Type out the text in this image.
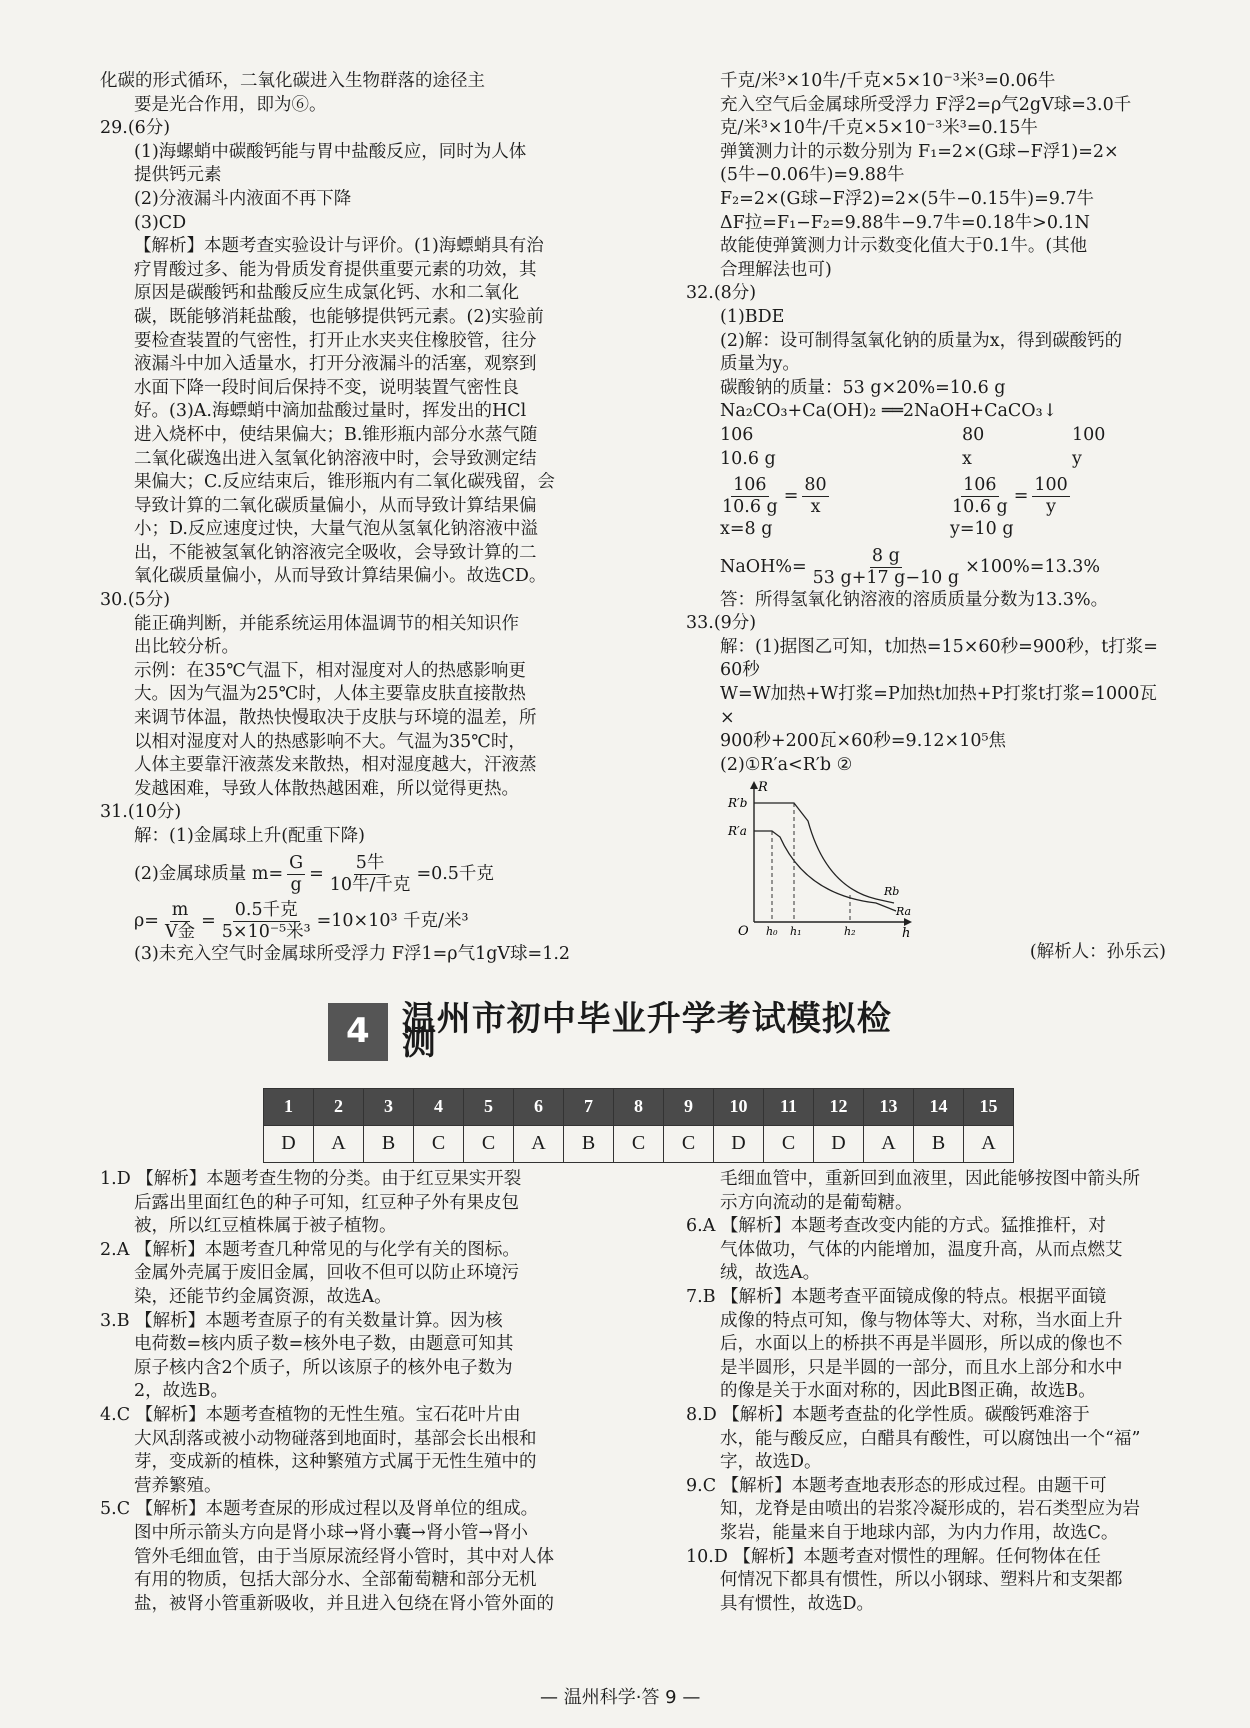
化碳的形式循环，二氧化碳进入生物群落的途径主

要是光合作用，即为⑥。

29.(6分)

(1)海螺蛸中碳酸钙能与胃中盐酸反应，同时为人体

提供钙元素

(2)分液漏斗内液面不再下降

(3)CD

【解析】本题考查实验设计与评价。(1)海螵蛸具有治

疗胃酸过多、能为骨质发育提供重要元素的功效，其

原因是碳酸钙和盐酸反应生成氯化钙、水和二氧化

碳，既能够消耗盐酸，也能够提供钙元素。(2)实验前

要检查装置的气密性，打开止水夹夹住橡胶管，往分

液漏斗中加入适量水，打开分液漏斗的活塞，观察到

水面下降一段时间后保持不变，说明装置气密性良

好。(3)A.海螵蛸中滴加盐酸过量时，挥发出的HCl

进入烧杯中，使结果偏大；B.锥形瓶内部分水蒸气随

二氧化碳逸出进入氢氧化钠溶液中时，会导致测定结

果偏大；C.反应结束后，锥形瓶内有二氧化碳残留，会

导致计算的二氧化碳质量偏小，从而导致计算结果偏

小；D.反应速度过快，大量气泡从氢氧化钠溶液中溢

出，不能被氢氧化钠溶液完全吸收，会导致计算的二

氧化碳质量偏小，从而导致计算结果偏小。故选CD。

30.(5分)

能正确判断，并能系统运用体温调节的相关知识作

出比较分析。

示例：在35℃气温下，相对湿度对人的热感影响更

大。因为气温为25℃时，人体主要靠皮肤直接散热

来调节体温，散热快慢取决于皮肤与环境的温差，所

以相对湿度对人的热感影响不大。气温为35℃时，

人体主要靠汗液蒸发来散热，相对湿度越大，汗液蒸

发越困难，导致人体散热越困难，所以觉得更热。

31.(10分)

解：(1)金属球上升(配重下降)

(2)金属球质量 $m= \frac{G}{g} = \frac{\text{5牛}}{\text{10牛/千克}} =0.5$千克

$\rho= \frac{m}{\text{V金}} = \frac{\text{0.5千克}}{\text{5×10⁻⁵米³}} =10\times 10^3$ 千克/米³

(3)未充入空气时金属球所受浮力 F浮1=ρ气1gV球=1.2

千克/米³×10牛/千克×5×10⁻³米³=0.06牛

充入空气后金属球所受浮力 F浮2=ρ气2gV球=3.0千

克/米³×10牛/千克×5×10⁻³米³=0.15牛

弹簧测力计的示数分别为 F₁=2×(G球−F浮1)=2×

(5牛−0.06牛)=9.88牛

F₂=2×(G球−F浮2)=2×(5牛−0.15牛)=9.7牛

ΔF拉=F₁−F₂=9.88牛−9.7牛=0.18牛>0.1N

故能使弹簧测力计示数变化值大于0.1牛。(其他

合理解法也可)

32.(8分)

(1)BDE

(2)解：设可制得氢氧化钠的质量为x，得到碳酸钙的

质量为y。

碳酸钠的质量：53 g×20%=10.6 g

Na₂CO₃+Ca(OH)₂ ══2NaOH+CaCO₃↓

106	80	100

10.6 g	x	y

$\frac{106}{10.6 g} = \frac{80}{x}$	$\frac{106}{10.6 g} = \frac{100}{y}$

x=8 g	y=10 g

NaOH%= $\frac{8 g}{53 g+17 g-10 g} \times 100\%=13.3\%$

答：所得氢氧化钠溶液的溶质质量分数为13.3%。

33.(9分)

解：(1)据图乙可知，t加热=15×60秒=900秒，t打浆=

60秒

W=W加热+W打浆=P加热t加热+P打浆t打浆=1000瓦×

900秒+200瓦×60秒=9.12×10⁵焦

(2)①R′a<R′b ②

R
h
O
R′b
R′a
h₀ h₁	h₂
Rb
Ra

(解析人：孙乐云)

4 温州市初中毕业升学考试模拟检测
1	2	3	4	5	6	7	8	9	10	11	12	13	14	15
D	A	B	C	C	A	B	C	C	D	C	D	A	B	A

1.D 【解析】本题考查生物的分类。由于红豆果实开裂

后露出里面红色的种子可知，红豆种子外有果皮包

被，所以红豆植株属于被子植物。

2.A 【解析】本题考查几种常见的与化学有关的图标。

金属外壳属于废旧金属，回收不但可以防止环境污

染，还能节约金属资源，故选A。

3.B 【解析】本题考查原子的有关数量计算。因为核

电荷数=核内质子数=核外电子数，由题意可知其

原子核内含2个质子，所以该原子的核外电子数为

2，故选B。

4.C 【解析】本题考查植物的无性生殖。宝石花叶片由

大风刮落或被小动物碰落到地面时，基部会长出根和

芽，变成新的植株，这种繁殖方式属于无性生殖中的

营养繁殖。

5.C 【解析】本题考查尿的形成过程以及肾单位的组成。

图中所示箭头方向是肾小球→肾小囊→肾小管→肾小

管外毛细血管，由于当原尿流经肾小管时，其中对人体

有用的物质，包括大部分水、全部葡萄糖和部分无机

盐，被肾小管重新吸收，并且进入包绕在肾小管外面的

毛细血管中，重新回到血液里，因此能够按图中箭头所

示方向流动的是葡萄糖。

6.A 【解析】本题考查改变内能的方式。猛推推杆，对

气体做功，气体的内能增加，温度升高，从而点燃艾

绒，故选A。

7.B 【解析】本题考查平面镜成像的特点。根据平面镜

成像的特点可知，像与物体等大、对称，当水面上升

后，水面以上的桥拱不再是半圆形，所以成的像也不

是半圆形，只是半圆的一部分，而且水上部分和水中

的像是关于水面对称的，因此B图正确，故选B。

8.D 【解析】本题考查盐的化学性质。碳酸钙难溶于

水，能与酸反应，白醋具有酸性，可以腐蚀出一个“福”

字，故选D。

9.C 【解析】本题考查地表形态的形成过程。由题干可

知，龙脊是由喷出的岩浆冷凝形成的，岩石类型应为岩

浆岩，能量来自于地球内部，为内力作用，故选C。

10.D 【解析】本题考查对惯性的理解。任何物体在任

何情况下都具有惯性，所以小钢球、塑料片和支架都

具有惯性，故选D。

— 温州科学·答 9 —
